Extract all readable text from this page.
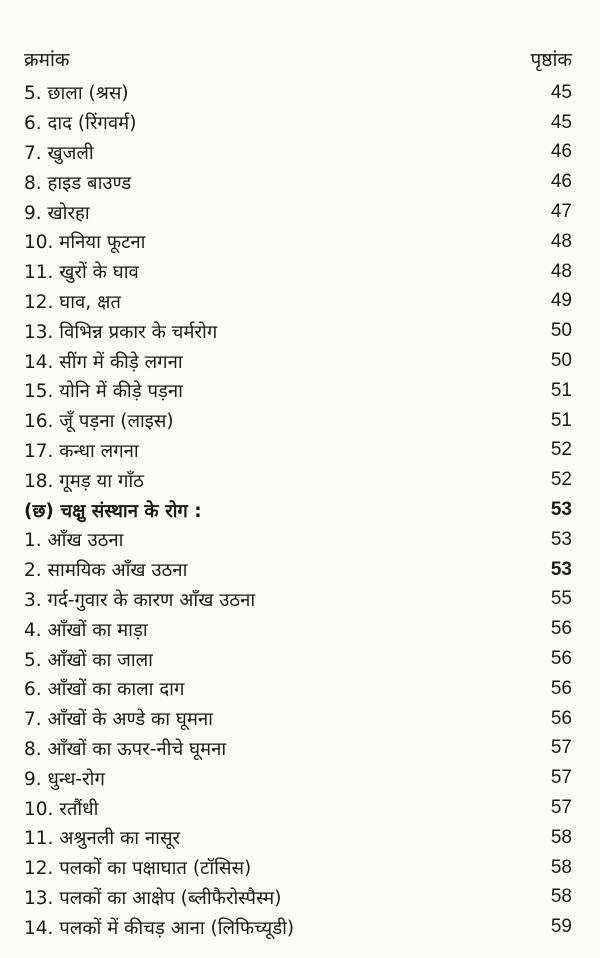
क्रमांक	पृष्ठांक
5. छाला (श्रस)	45
6. दाद (रिंगवर्म)	45
7. खुजली	46
8. हाइड बाउण्ड	46
9. खोरहा	47
10. मनिया फूटना	48
11. खुरों के घाव	48
12. घाव, क्षत	49
13. विभिन्न प्रकार के चर्मरोग	50
14. सींग में कीड़े लगना	50
15. योनि में कीड़े पड़ना	51
16. जूँ पड़ना (लाइस)	51
17. कन्धा लगना	52
18. गूमड़ या गाँठ	52
(छ) चक्षु संस्थान के रोग :	53
1. आँख उठना	53
2. सामयिक आँख उठना	53
3. गर्द-गुवार के कारण आँख उठना	55
4. आँखों का माड़ा	56
5. आँखों का जाला	56
6. आँखों का काला दाग	56
7. आँखों के अण्डे का घूमना	56
8. आँखों का ऊपर-नीचे घूमना	57
9. धुन्ध-रोग	57
10. रतौंधी	57
11. अश्रुनली का नासूर	58
12. पलकों का पक्षाघात (टॉसिस)	58
13. पलकों का आक्षेप (ब्लीफैरोस्पैस्म)	58
14. पलकों में कीचड़ आना (लिफिच्यूडी)	59
